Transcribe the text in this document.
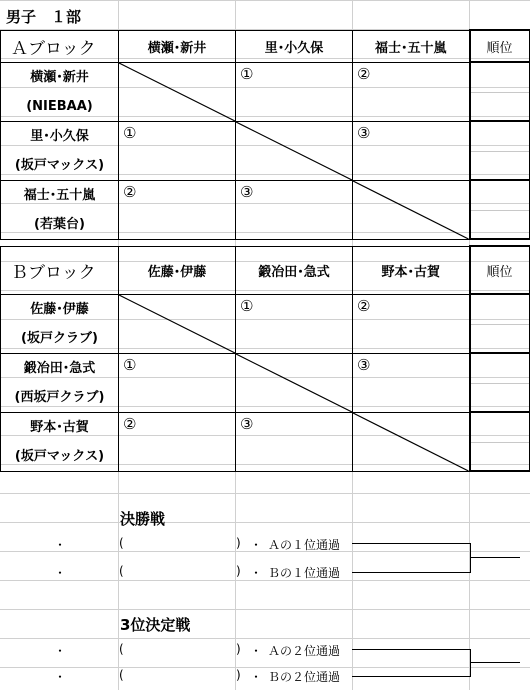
男子　１部
Ａブロック	横瀬･新井	里･小久保	福士･五十嵐	順位

横瀬･新井
(NIEBAA)		①	②	

里･小久保
(坂戸マックス)	①		③	

福士･五十嵐
(若葉台)	②	③	

Ｂブロック	佐藤･伊藤	鍛冶田･急式	野本･古賀	順位

佐藤･伊藤
(坂戸クラブ)		①	②	

鍛冶田･急式
(西坂戸クラブ)	①		③	

野本･古賀
(坂戸マックス)	②	③	

決勝戦
・	(	) ・ Ａの１位通過
・	(	) ・ Ｂの１位通過
3位決定戦
・	(	) ・ Ａの２位通過
・	(	) ・ Ｂの２位通過
